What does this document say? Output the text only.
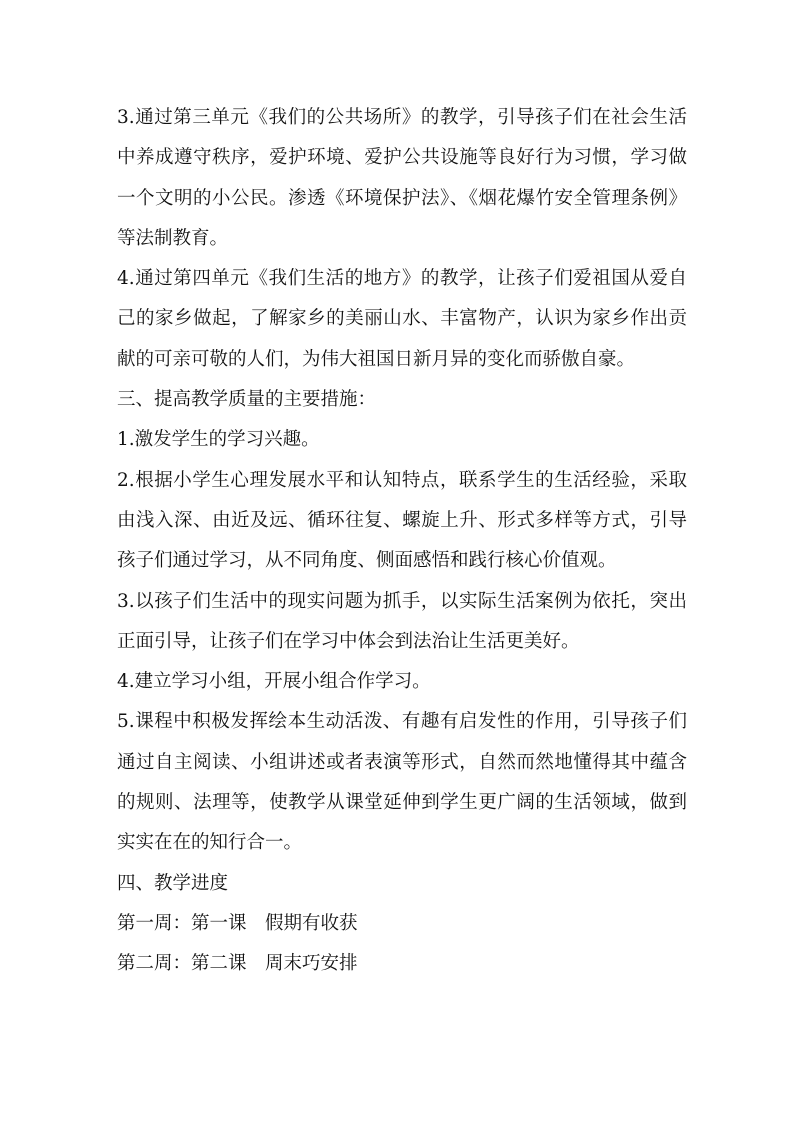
3.通过第三单元《我们的公共场所》的教学，引导孩子们在社会生活
中养成遵守秩序，爱护环境、爱护公共设施等良好行为习惯，学习做
一个文明的小公民。渗透《环境保护法》、《烟花爆竹安全管理条例》
等法制教育。
4.通过第四单元《我们生活的地方》的教学，让孩子们爱祖国从爱自
己的家乡做起，了解家乡的美丽山水、丰富物产，认识为家乡作出贡
献的可亲可敬的人们，为伟大祖国日新月异的变化而骄傲自豪。
三、提高教学质量的主要措施：
1.激发学生的学习兴趣。
2.根据小学生心理发展水平和认知特点，联系学生的生活经验，采取
由浅入深、由近及远、循环往复、螺旋上升、形式多样等方式，引导
孩子们通过学习，从不同角度、侧面感悟和践行核心价值观。
3.以孩子们生活中的现实问题为抓手，以实际生活案例为依托，突出
正面引导，让孩子们在学习中体会到法治让生活更美好。
4.建立学习小组，开展小组合作学习。
5.课程中积极发挥绘本生动活泼、有趣有启发性的作用，引导孩子们
通过自主阅读、小组讲述或者表演等形式，自然而然地懂得其中蕴含
的规则、法理等，使教学从课堂延伸到学生更广阔的生活领域，做到
实实在在的知行合一。
四、教学进度
第一周：第一课　假期有收获
第二周：第二课　周末巧安排
